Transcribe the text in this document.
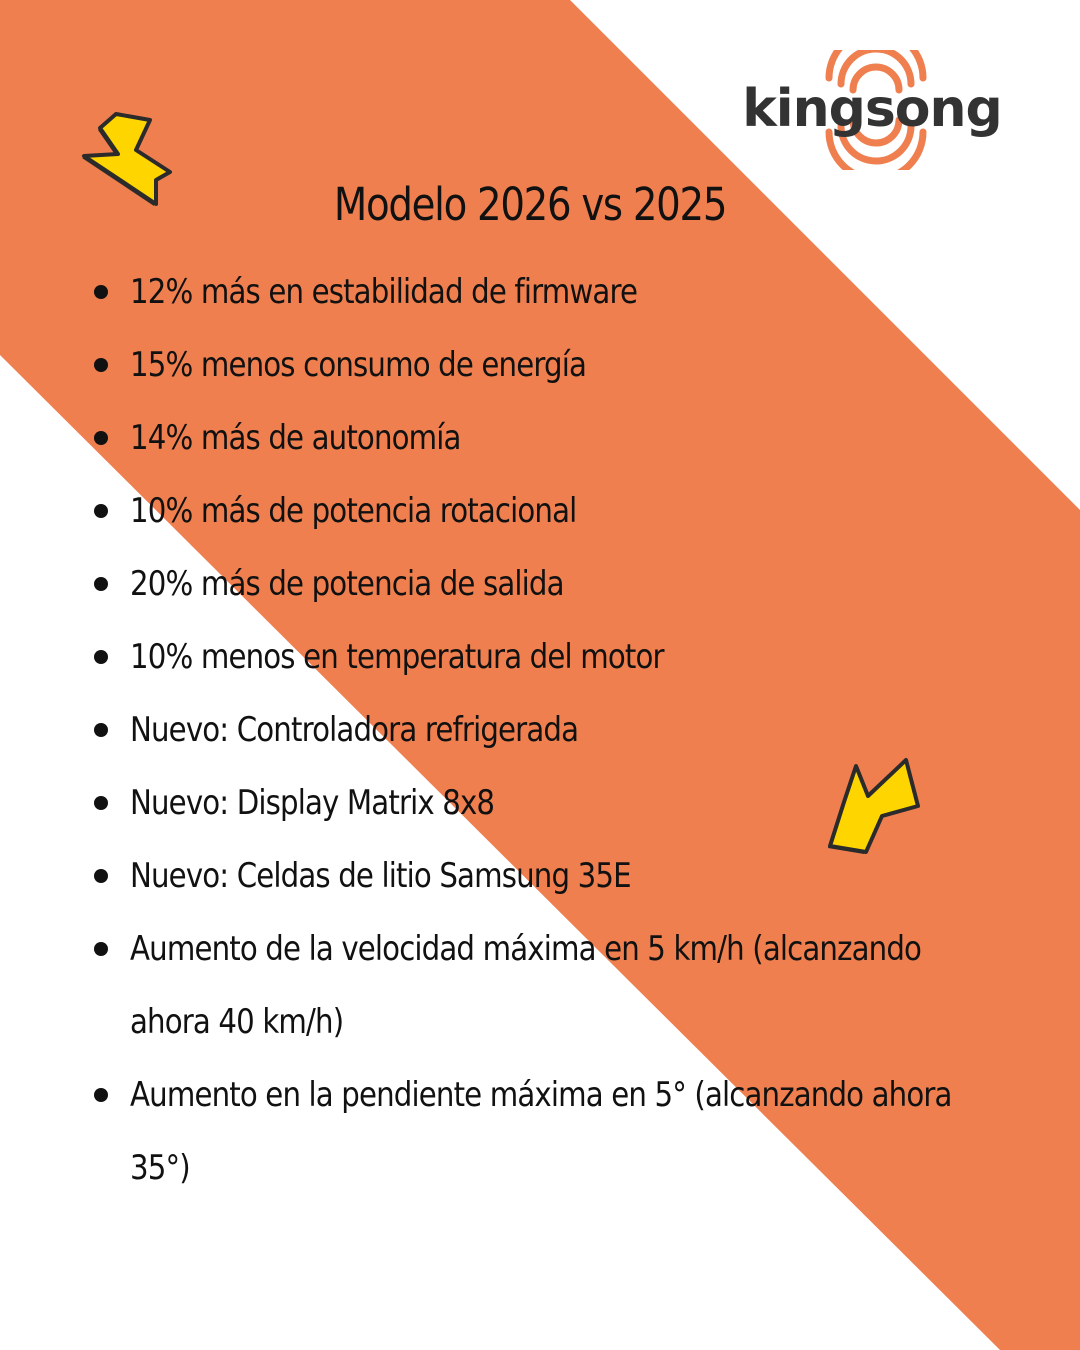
kingsong
Modelo 2026 vs 2025
12% más en estabilidad de firmware
15% menos consumo de energía
14% más de autonomía
10% más de potencia rotacional
20% más de potencia de salida
10% menos en temperatura del motor
Nuevo: Controladora refrigerada
Nuevo: Display Matrix 8x8
Nuevo: Celdas de litio Samsung 35E
Aumento de la velocidad máxima en 5 km/h (alcanzando ahora 40 km/h)
Aumento en la pendiente máxima en 5° (alcanzando ahora 35°)
